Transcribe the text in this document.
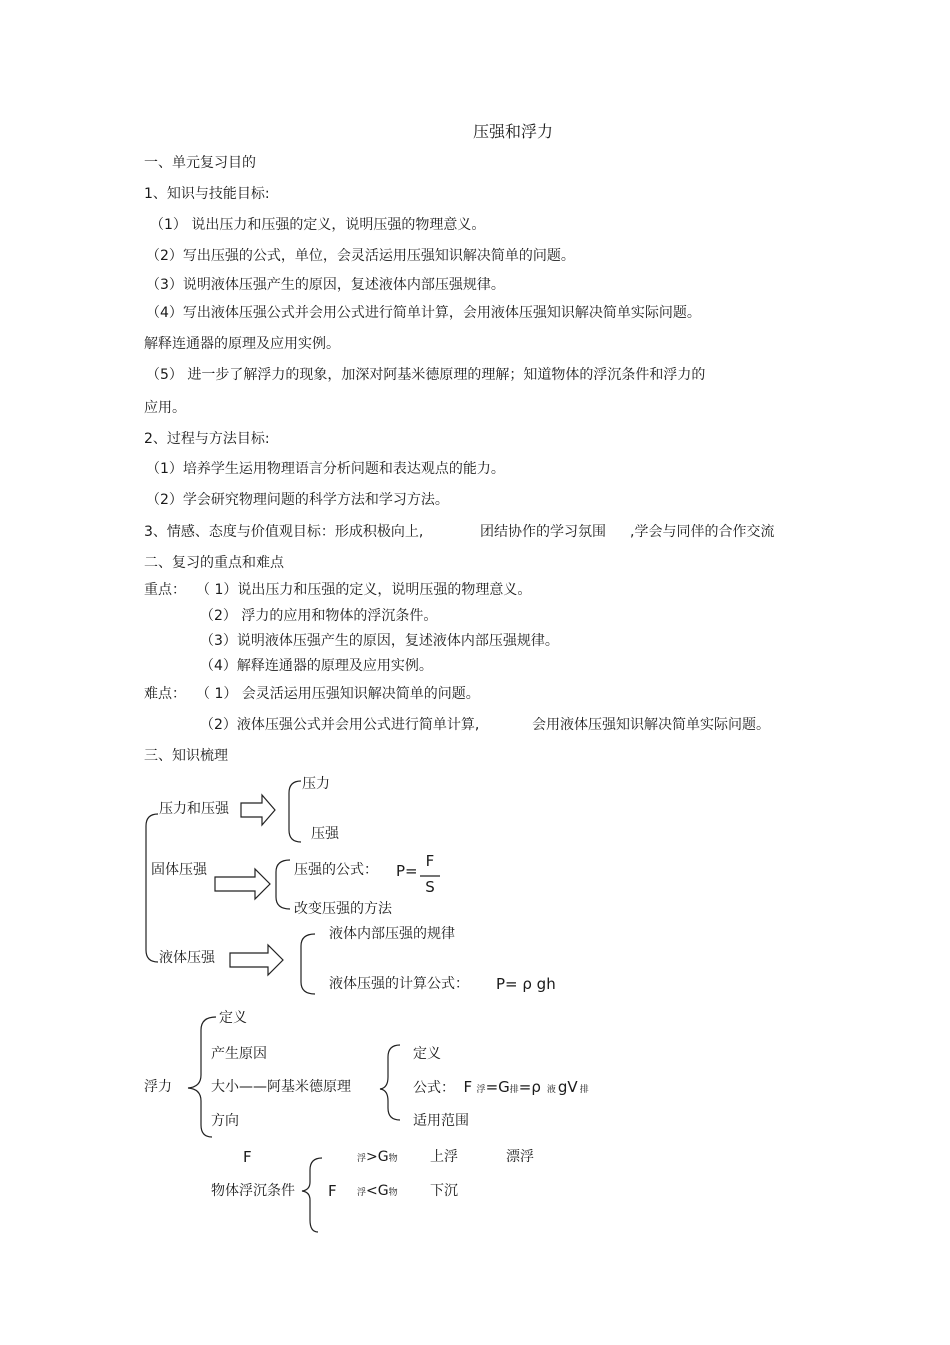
压强和浮力
一、单元复习目的
1、知识与技能目标:
（1） 说出压力和压强的定义，说明压强的物理意义。
（2）写出压强的公式，单位，会灵活运用压强知识解决简单的问题。
（3）说明液体压强产生的原因，复述液体内部压强规律。
（4）写出液体压强公式并会用公式进行简单计算，会用液体压强知识解决简单实际问题。
解释连通器的原理及应用实例。
（5） 进一步了解浮力的现象，加深对阿基米德原理的理解；知道物体的浮沉条件和浮力的
应用。
2、过程与方法目标:
（1）培养学生运用物理语言分析问题和表达观点的能力。
（2）学会研究物理问题的科学方法和学习方法。
3、情感、态度与价值观目标：形成积极向上,	团结协作的学习氛围 ,学会与同伴的合作交流
二、复习的重点和难点
重点： （ 1）说出压力和压强的定义，说明压强的物理意义。
（2） 浮力的应用和物体的浮沉条件。
（3）说明液体压强产生的原因，复述液体内部压强规律。
（4）解释连通器的原理及应用实例。
难点： （ 1） 会灵活运用压强知识解决简单的问题。
（2）液体压强公式并会用公式进行简单计算,	会用液体压强知识解决简单实际问题。
三、知识梳理
压力和压强
压力
压强
固体压强	压强的公式： P=
F
S
改变压强的方法
液体压强
液体内部压强的规律
液体压强的计算公式： P= ρ gh
浮力
定义
产生原因
大小——阿基米德原理
方向
定义
公式： F 浮=G排=ρ 液 gV 排
适用范围
F	浮>G物 上浮	漂浮
物体浮沉条件 F 浮<G物 下沉
